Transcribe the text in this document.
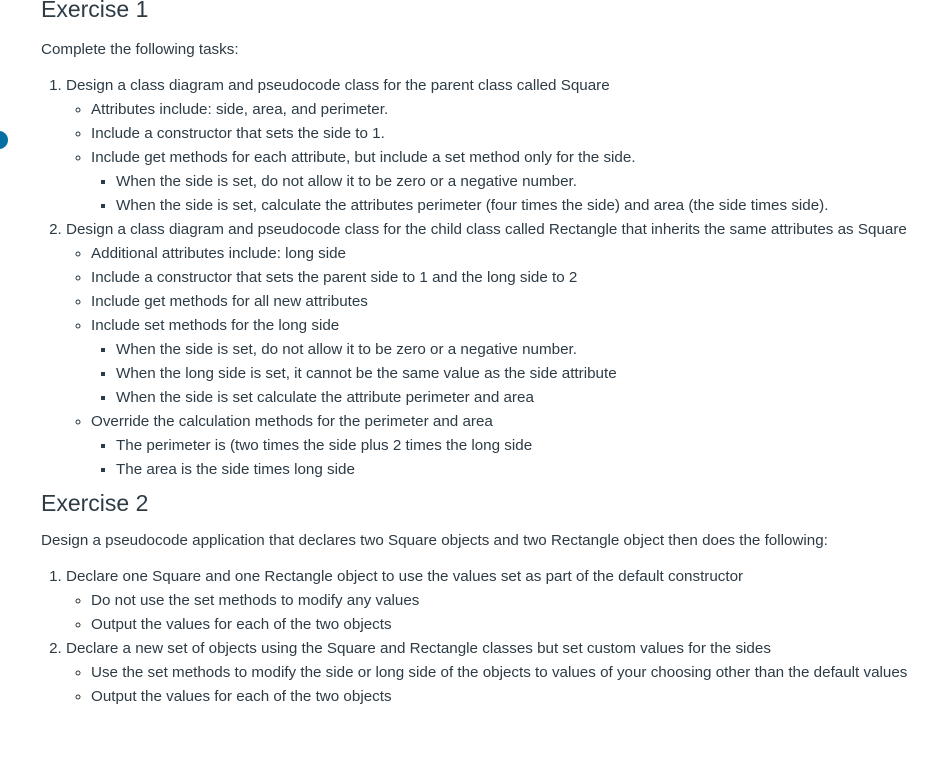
Exercise 1

Complete the following tasks:

1. Design a class diagram and pseudocode class for the parent class called Square
◦ Attributes include: side, area, and perimeter.
◦ Include a constructor that sets the side to 1.
◦ Include get methods for each attribute, but include a set method only for the side.
▪ When the side is set, do not allow it to be zero or a negative number.
▪ When the side is set, calculate the attributes perimeter (four times the side) and area (the side times side).
2. Design a class diagram and pseudocode class for the child class called Rectangle that inherits the same attributes as Square
◦ Additional attributes include: long side
◦ Include a constructor that sets the parent side to 1 and the long side to 2
◦ Include get methods for all new attributes
◦ Include set methods for the long side
▪ When the side is set, do not allow it to be zero or a negative number.
▪ When the long side is set, it cannot be the same value as the side attribute
▪ When the side is set calculate the attribute perimeter and area
◦ Override the calculation methods for the perimeter and area
▪ The perimeter is (two times the side plus 2 times the long side
▪ The area is the side times long side
Exercise 2

Design a pseudocode application that declares two Square objects and two Rectangle object then does the following:

1. Declare one Square and one Rectangle object to use the values set as part of the default constructor
◦ Do not use the set methods to modify any values
◦ Output the values for each of the two objects
2. Declare a new set of objects using the Square and Rectangle classes but set custom values for the sides
◦ Use the set methods to modify the side or long side of the objects to values of your choosing other than the default values
◦ Output the values for each of the two objects
